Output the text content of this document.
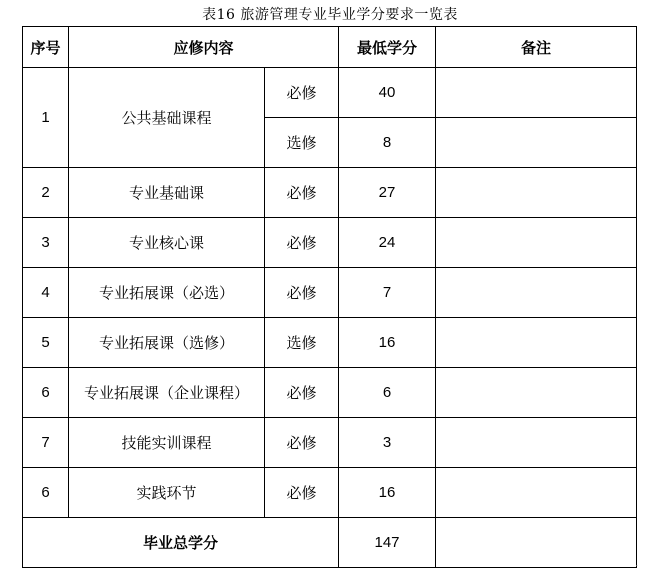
表16 旅游管理专业毕业学分要求一览表
序号	应修内容		最低学分	备注
1	公共基础课程	必修	40	
		选修	8	
2	专业基础课	必修	27	
3	专业核心课	必修	24	
4	专业拓展课（必选）	必修	7	
5	专业拓展课（选修）	选修	16	
6	专业拓展课（企业课程）	必修	6	
7	技能实训课程	必修	3	
6	实践环节	必修	16	
毕业总学分			147	
.
